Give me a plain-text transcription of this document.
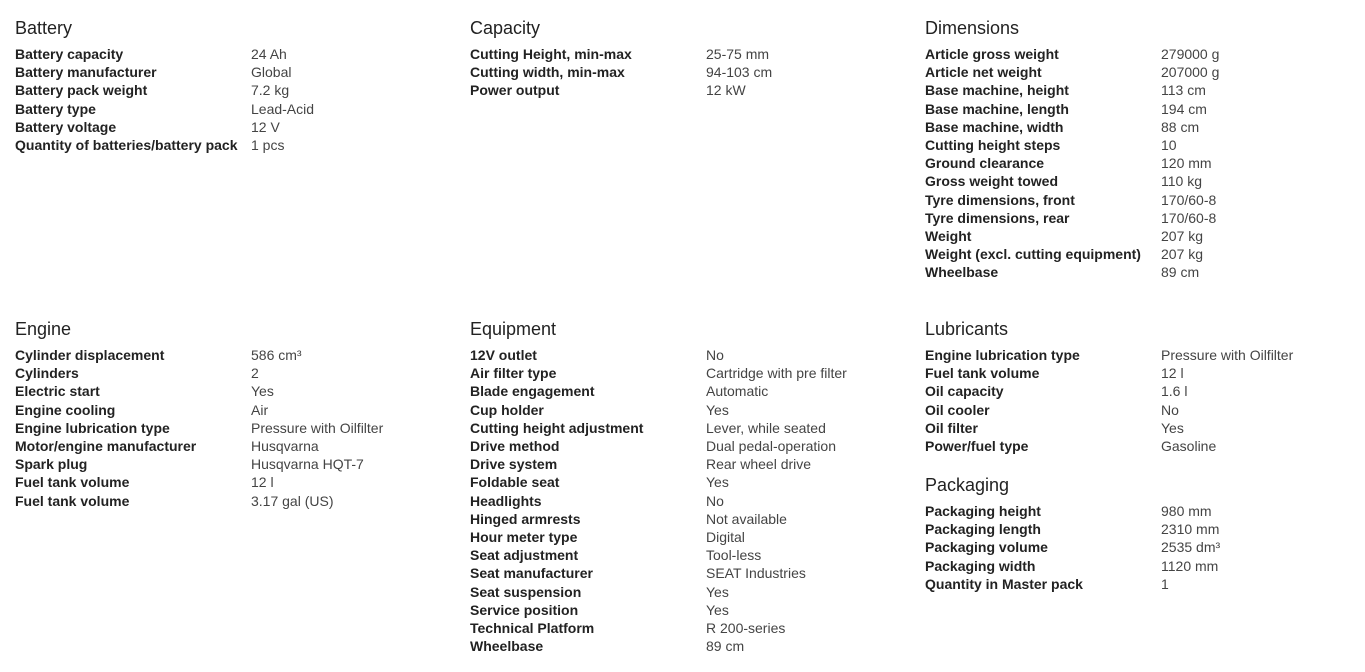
Battery
Battery capacity	24 Ah
Battery manufacturer	Global
Battery pack weight	7.2 kg
Battery type	Lead-Acid
Battery voltage	12 V
Quantity of batteries/battery pack	1 pcs
Engine
Cylinder displacement	586 cm³
Cylinders	2
Electric start	Yes
Engine cooling	Air
Engine lubrication type	Pressure with Oilfilter
Motor/engine manufacturer	Husqvarna
Spark plug	Husqvarna HQT-7
Fuel tank volume	12 l
Fuel tank volume	3.17 gal (US)
Capacity
Cutting Height, min-max	25-75 mm
Cutting width, min-max	94-103 cm
Power output	12 kW
Equipment
12V outlet	No
Air filter type	Cartridge with pre filter
Blade engagement	Automatic
Cup holder	Yes
Cutting height adjustment	Lever, while seated
Drive method	Dual pedal-operation
Drive system	Rear wheel drive
Foldable seat	Yes
Headlights	No
Hinged armrests	Not available
Hour meter type	Digital
Seat adjustment	Tool-less
Seat manufacturer	SEAT Industries
Seat suspension	Yes
Service position	Yes
Technical Platform	R 200-series
Wheelbase	89 cm
Dimensions
Article gross weight	279000 g
Article net weight	207000 g
Base machine, height	113 cm
Base machine, length	194 cm
Base machine, width	88 cm
Cutting height steps	10
Ground clearance	120 mm
Gross weight towed	110 kg
Tyre dimensions, front	170/60-8
Tyre dimensions, rear	170/60-8
Weight	207 kg
Weight (excl. cutting equipment)	207 kg
Wheelbase	89 cm
Lubricants
Engine lubrication type	Pressure with Oilfilter
Fuel tank volume	12 l
Oil capacity	1.6 l
Oil cooler	No
Oil filter	Yes
Power/fuel type	Gasoline
Packaging
Packaging height	980 mm
Packaging length	2310 mm
Packaging volume	2535 dm³
Packaging width	1120 mm
Quantity in Master pack	1
